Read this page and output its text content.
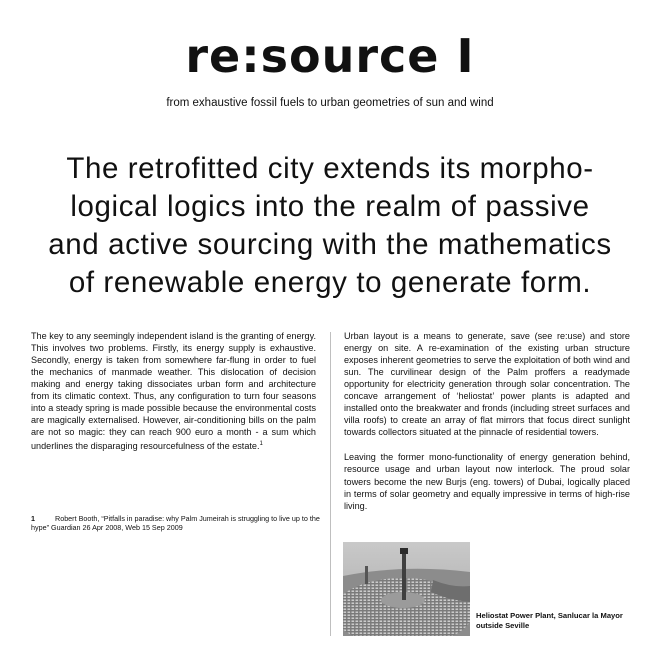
re:source I
from exhaustive fossil fuels to urban geometries of sun and wind
The retrofitted city extends its morpho-
logical logics into the realm of passive
and active sourcing with the mathematics
of renewable energy to generate form.

The key to any seemingly independent island is the granting of energy. This involves two problems. Firstly, its energy supply is exhaustive. Secondly, energy is taken from somewhere far-flung in order to fuel the mechanics of manmade weather. This dislocation of decision making and energy taking dissociates urban form and architecture from its climatic context. Thus, any configuration to turn four seasons into a steady spring is made possible because the environmental costs are magically externalised. However, air-conditioning bills on the palm are not so magic: they can reach 900 euro a month - a sum which underlines the disparaging resourcefulness of the estate.$^1$

1	Robert Booth, “Pitfalls in paradise: why Palm Jumeirah is struggling to live up to the hype” Guardian 26 Apr 2008, Web 15 Sep 2009

Urban layout is a means to generate, save (see re:use) and store energy on site. A re-examination of the existing urban structure exposes inherent geometries to serve the exploitation of both wind and sun. The curvilinear design of the Palm proffers a readymade opportunity for electricity generation through solar concentration. The concave arrangement of ‘heliostat’ power plants is adapted and installed onto the breakwater and fronds (including street surfaces and villa roofs) to create an array of flat mirrors that focus direct sunlight towards collectors situated at the pinnacle of residential towers.

Leaving the former mono-functionality of energy generation behind, resource usage and urban layout now interlock. The proud solar towers become the new Burjs (eng. towers) of Dubai, logically placed in terms of solar geometry and equally impressive in terms of high-rise living.

Heliostat Power Plant, Sanlucar la Mayor
outside Seville
